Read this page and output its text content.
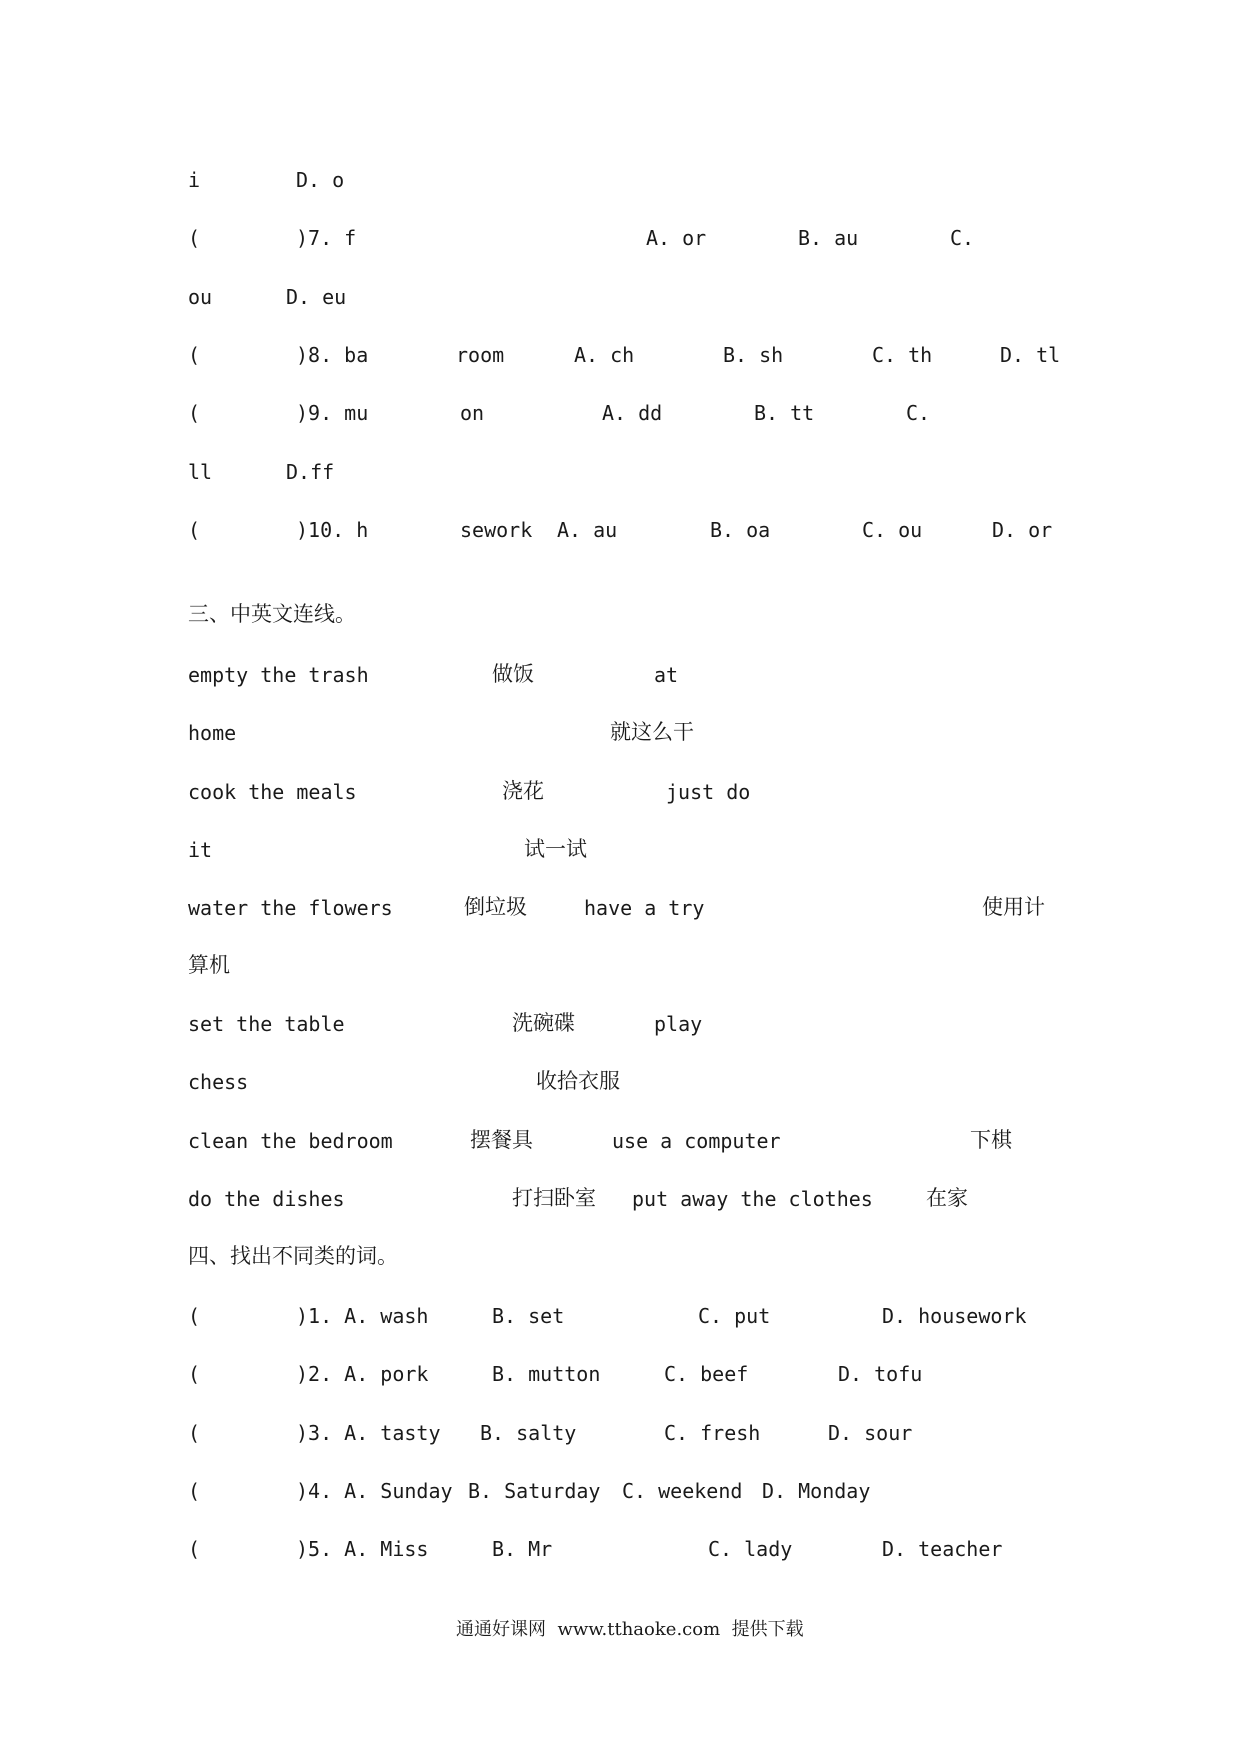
i	D. o
(	)7. f	A. or	B. au	C.
ou	D. eu
(	)8. ba	room	A. ch	B. sh	C. th	D. tl
(	)9. mu	on	A. dd	B. tt	C.
ll	D.ff
(	)10. h	sework A. au	B. oa	C. ou	D. or
三、中英文连线。
empty the trash	做饭	at
home	就这么干
cook the meals	浇花	just do
it	试一试
water the flowers	倒垃圾	have a try	使用计
算机
set the table	洗碗碟	play
chess	收拾衣服
clean the bedroom	摆餐具	use a computer	下棋
do the dishes	打扫卧室 put away the clothes	在家
四、找出不同类的词。
(	)1. A. wash	B. set	C. put	D. housework
(	)2. A. pork	B. mutton	C. beef	D. tofu
(	)3. A. tasty B. salty	C. fresh	D. sour
(	)4. A. Sunday B. Saturday C. weekend D. Monday
(	)5. A. Miss	B. Mr	C. lady	D. teacher
通通好课网  www.tthaoke.com  提供下载
